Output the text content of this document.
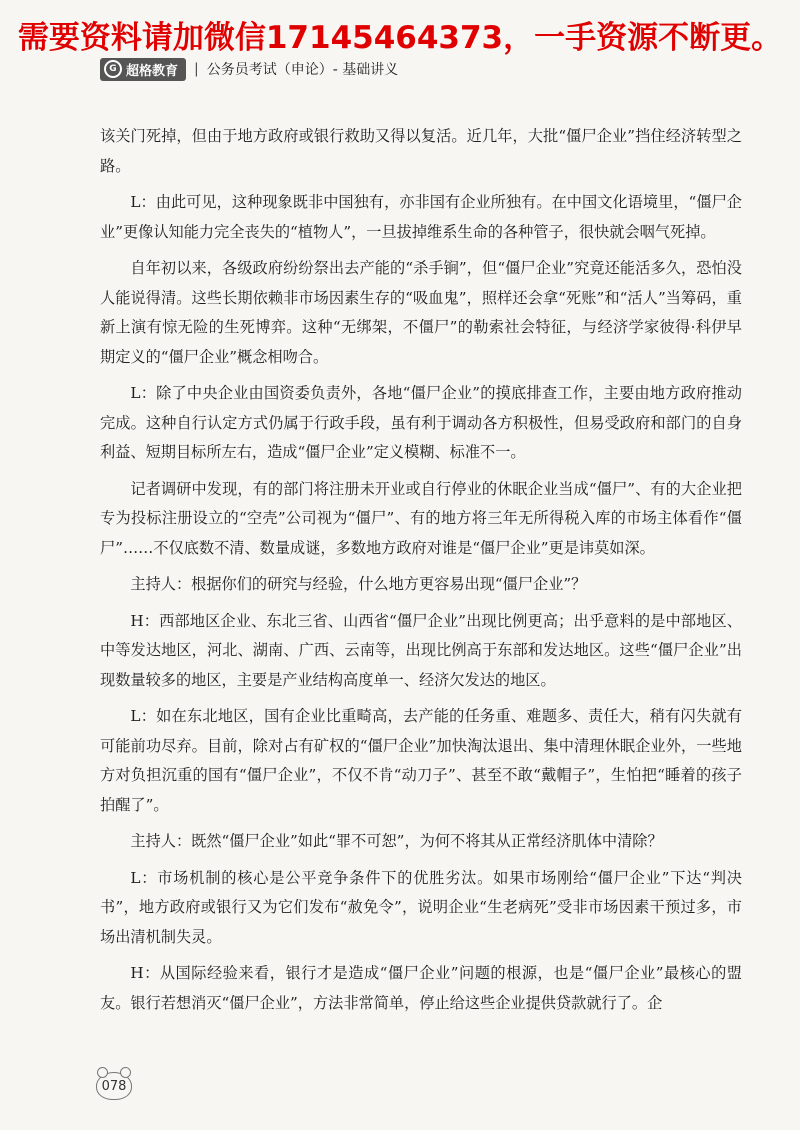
需要资料请加微信17145464373，一手资源不断更。
G 超格教育 | 公务员考试（申论）- 基础讲义

该关门死掉，但由于地方政府或银行救助又得以复活。近几年，大批“僵尸企业”挡住经济转型之路。

L：由此可见，这种现象既非中国独有，亦非国有企业所独有。在中国文化语境里，“僵尸企业”更像认知能力完全丧失的“植物人”，一旦拔掉维系生命的各种管子，很快就会咽气死掉。

自年初以来，各级政府纷纷祭出去产能的“杀手锏”，但“僵尸企业”究竟还能活多久，恐怕没人能说得清。这些长期依赖非市场因素生存的“吸血鬼”，照样还会拿“死账”和“活人”当筹码，重新上演有惊无险的生死博弈。这种“无绑架，不僵尸”的勒索社会特征，与经济学家彼得·科伊早期定义的“僵尸企业”概念相吻合。

L：除了中央企业由国资委负责外，各地“僵尸企业”的摸底排查工作，主要由地方政府推动完成。这种自行认定方式仍属于行政手段，虽有利于调动各方积极性，但易受政府和部门的自身利益、短期目标所左右，造成“僵尸企业”定义模糊、标准不一。

记者调研中发现，有的部门将注册未开业或自行停业的休眠企业当成“僵尸”、有的大企业把专为投标注册设立的“空壳”公司视为“僵尸”、有的地方将三年无所得税入库的市场主体看作“僵尸”……不仅底数不清、数量成谜，多数地方政府对谁是“僵尸企业”更是讳莫如深。

主持人：根据你们的研究与经验，什么地方更容易出现“僵尸企业”？

H：西部地区企业、东北三省、山西省“僵尸企业”出现比例更高；出乎意料的是中部地区、中等发达地区，河北、湖南、广西、云南等，出现比例高于东部和发达地区。这些“僵尸企业”出现数量较多的地区，主要是产业结构高度单一、经济欠发达的地区。

L：如在东北地区，国有企业比重畸高，去产能的任务重、难题多、责任大，稍有闪失就有可能前功尽弃。目前，除对占有矿权的“僵尸企业”加快淘汰退出、集中清理休眠企业外，一些地方对负担沉重的国有“僵尸企业”，不仅不肯“动刀子”、甚至不敢“戴帽子”，生怕把“睡着的孩子拍醒了”。

主持人：既然“僵尸企业”如此“罪不可恕”，为何不将其从正常经济肌体中清除？

L：市场机制的核心是公平竞争条件下的优胜劣汰。如果市场刚给“僵尸企业”下达“判决书”，地方政府或银行又为它们发布“赦免令”，说明企业“生老病死”受非市场因素干预过多，市场出清机制失灵。

H：从国际经验来看，银行才是造成“僵尸企业”问题的根源，也是“僵尸企业”最核心的盟友。银行若想消灭“僵尸企业”，方法非常简单，停止给这些企业提供贷款就行了。企

078
